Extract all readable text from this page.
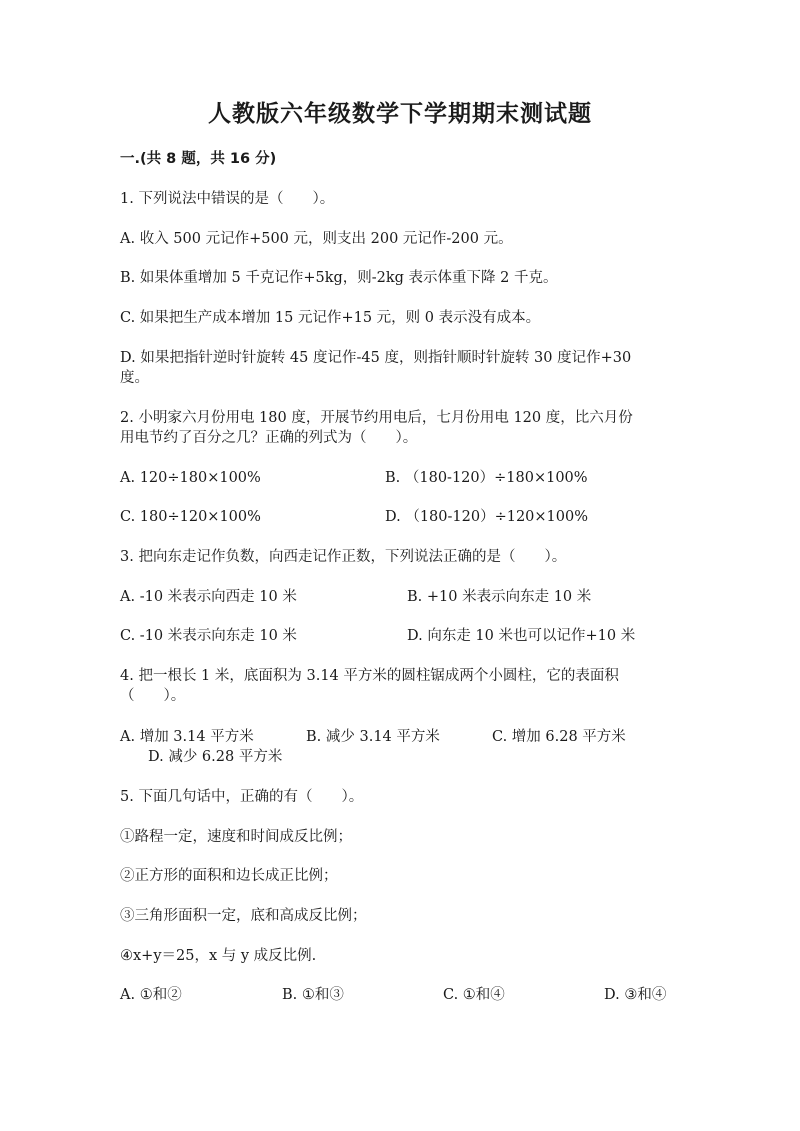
人教版六年级数学下学期期末测试题
一.(共 8 题，共 16 分)
1. 下列说法中错误的是（　　）。
A. 收入 500 元记作+500 元，则支出 200 元记作-200 元。
B. 如果体重增加 5 千克记作+5kg，则-2kg 表示体重下降 2 千克。
C. 如果把生产成本增加 15 元记作+15 元，则 0 表示没有成本。
D. 如果把指针逆时针旋转 45 度记作-45 度，则指针顺时针旋转 30 度记作+30
度。
2. 小明家六月份用电 180 度，开展节约用电后，七月份用电 120 度，比六月份
用电节约了百分之几？正确的列式为（　　）。
A. 120÷180×100%	B. （180-120）÷180×100%
C. 180÷120×100%	D. （180-120）÷120×100%
3. 把向东走记作负数，向西走记作正数，下列说法正确的是（　　）。
A. -10 米表示向西走 10 米	B. +10 米表示向东走 10 米
C. -10 米表示向东走 10 米	D. 向东走 10 米也可以记作+10 米
4. 把一根长 1 米，底面积为 3.14 平方米的圆柱锯成两个小圆柱，它的表面积
（　　）。
A. 增加 3.14 平方米	B. 减少 3.14 平方米	C. 增加 6.28 平方米
D. 减少 6.28 平方米
5. 下面几句话中，正确的有（　　）。
①路程一定，速度和时间成反比例；
②正方形的面积和边长成正比例；
③三角形面积一定，底和高成反比例；
④x+y＝25，x 与 y 成反比例.
A. ①和②	B. ①和③	C. ①和④	D. ③和④
